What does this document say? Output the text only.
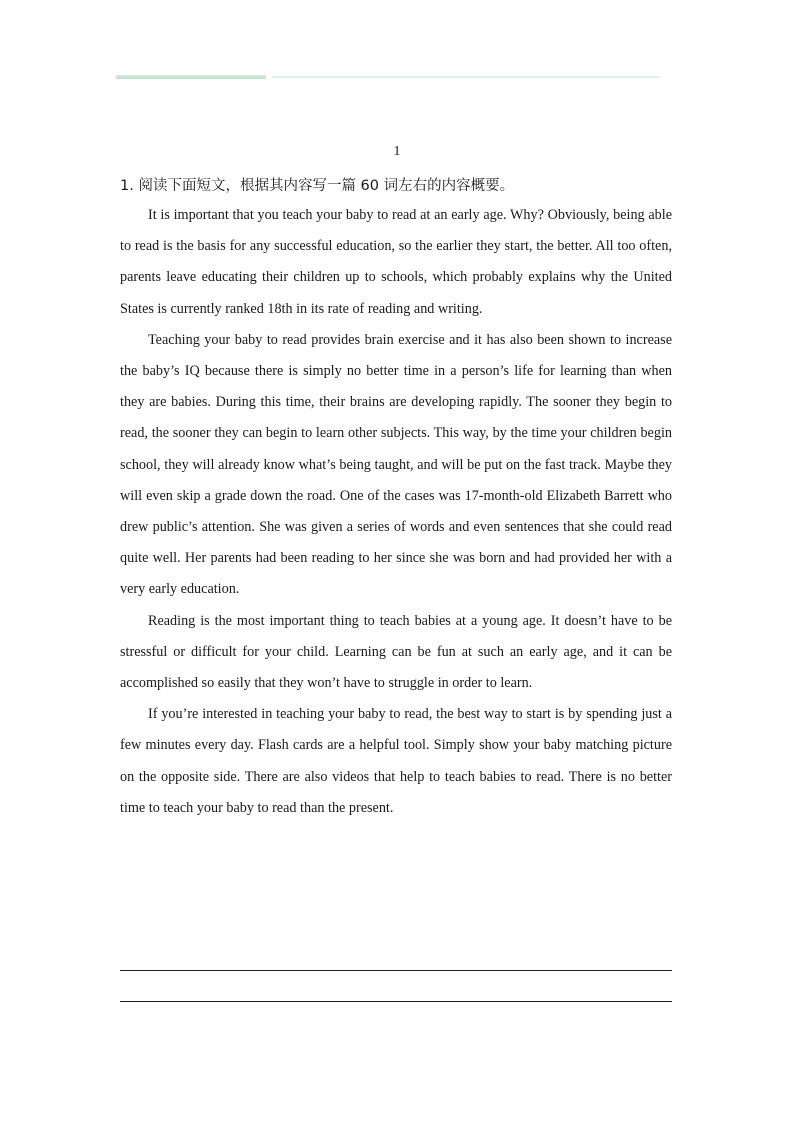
1
1. 阅读下面短文，根据其内容写一篇 60 词左右的内容概要。

It is important that you teach your baby to read at an early age. Why? Obviously, being able to read is the basis for any successful education, so the earlier they start, the better. All too often, parents leave educating their children up to schools, which probably explains why the United States is currently ranked 18th in its rate of reading and writing.

Teaching your baby to read provides brain exercise and it has also been shown to increase the baby’s IQ because there is simply no better time in a person’s life for learning than when they are babies. During this time, their brains are developing rapidly. The sooner they begin to read, the sooner they can begin to learn other subjects. This way, by the time your children begin school, they will already know what’s being taught, and will be put on the fast track. Maybe they will even skip a grade down the road. One of the cases was 17-month-old Elizabeth Barrett who drew public’s attention. She was given a series of words and even sentences that she could read quite well. Her parents had been reading to her since she was born and had provided her with a very early education.

Reading is the most important thing to teach babies at a young age. It doesn’t have to be stressful or difficult for your child. Learning can be fun at such an early age, and it can be accomplished so easily that they won’t have to struggle in order to learn.

If you’re interested in teaching your baby to read, the best way to start is by spending just a few minutes every day. Flash cards are a helpful tool. Simply show your baby matching picture on the opposite side. There are also videos that help to teach babies to read. There is no better time to teach your baby to read than the present.
